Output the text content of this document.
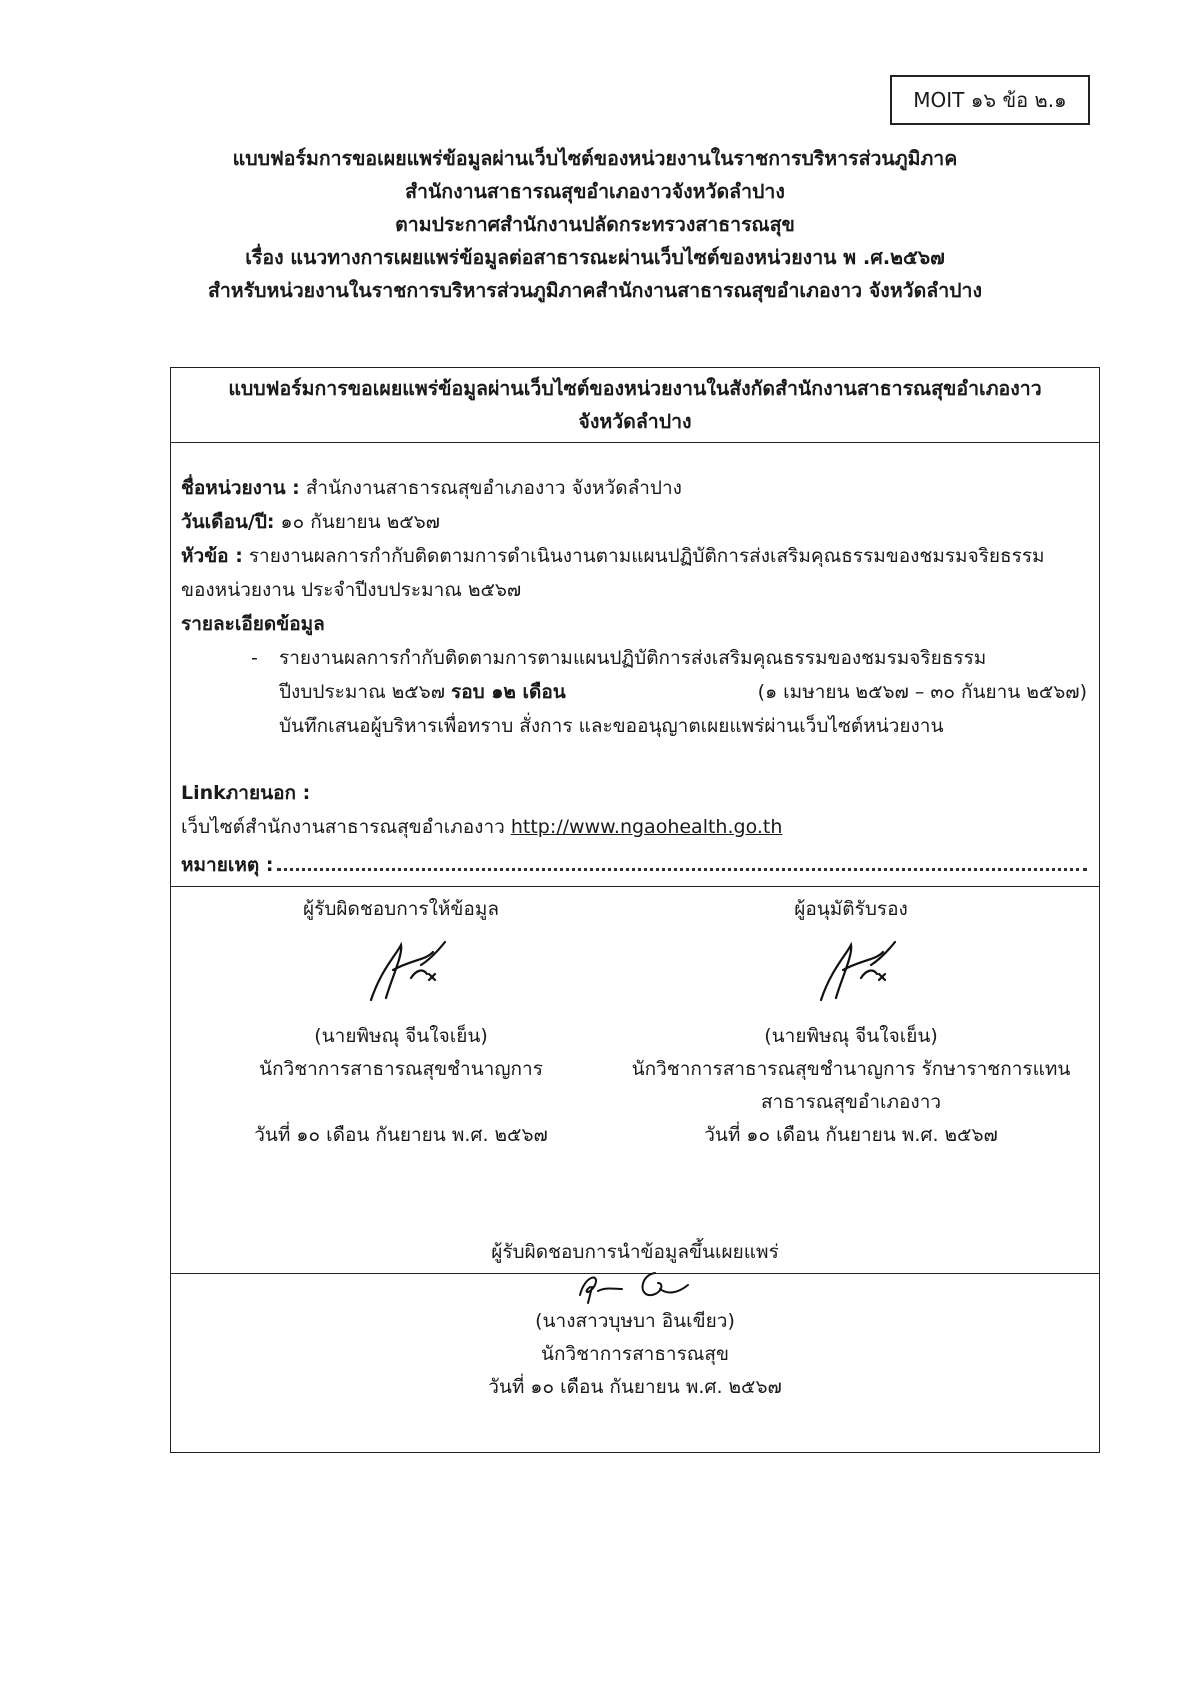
MOIT ๑๖ ข้อ ๒.๑
แบบฟอร์มการขอเผยแพร่ข้อมูลผ่านเว็บไซต์ของหน่วยงานในราชการบริหารส่วนภูมิภาค
สำนักงานสาธารณสุขอำเภองาวจังหวัดลำปาง
ตามประกาศสำนักงานปลัดกระทรวงสาธารณสุข
เรื่อง แนวทางการเผยแพร่ข้อมูลต่อสาธารณะผ่านเว็บไซต์ของหน่วยงาน พ .ศ.๒๕๖๗
สำหรับหน่วยงานในราชการบริหารส่วนภูมิภาคสำนักงานสาธารณสุขอำเภองาว จังหวัดลำปาง
แบบฟอร์มการขอเผยแพร่ข้อมูลผ่านเว็บไซต์ของหน่วยงานในสังกัดสำนักงานสาธารณสุขอำเภองาว
จังหวัดลำปาง
ชื่อหน่วยงาน : สำนักงานสาธารณสุขอำเภองาว จังหวัดลำปาง
วันเดือน/ปี: ๑๐ กันยายน ๒๕๖๗
หัวข้อ : รายงานผลการกำกับติดตามการดำเนินงานตามแผนปฏิบัติการส่งเสริมคุณธรรมของชมรมจริยธรรม
ของหน่วยงาน ประจำปีงบประมาณ ๒๕๖๗
รายละเอียดข้อมูล
- รายงานผลการกำกับติดตามการตามแผนปฏิบัติการส่งเสริมคุณธรรมของชมรมจริยธรรม
ปีงบประมาณ ๒๕๖๗ รอบ ๑๒ เดือน	(๑ เมษายน ๒๕๖๗ – ๓๐ กันยาน ๒๕๖๗)
บันทึกเสนอผู้บริหารเพื่อทราบ สั่งการ และขออนุญาตเผยแพร่ผ่านเว็บไซต์หน่วยงาน
Linkภายนอก :
เว็บไซต์สำนักงานสาธารณสุขอำเภองาว http://www.ngaohealth.go.th
หมายเหตุ :
ผู้รับผิดชอบการให้ข้อมูล
(นายพิษณุ จีนใจเย็น)
นักวิชาการสาธารณสุขชำนาญการ
วันที่ ๑๐ เดือน กันยายน พ.ศ. ๒๕๖๗
ผู้อนุมัติรับรอง
(นายพิษณุ จีนใจเย็น)
นักวิชาการสาธารณสุขชำนาญการ รักษาราชการแทน
สาธารณสุขอำเภองาว
วันที่ ๑๐ เดือน กันยายน พ.ศ. ๒๕๖๗
ผู้รับผิดชอบการนำข้อมูลขึ้นเผยแพร่
(นางสาวบุษบา อินเขียว)
นักวิชาการสาธารณสุข
วันที่ ๑๐ เดือน กันยายน พ.ศ. ๒๕๖๗
